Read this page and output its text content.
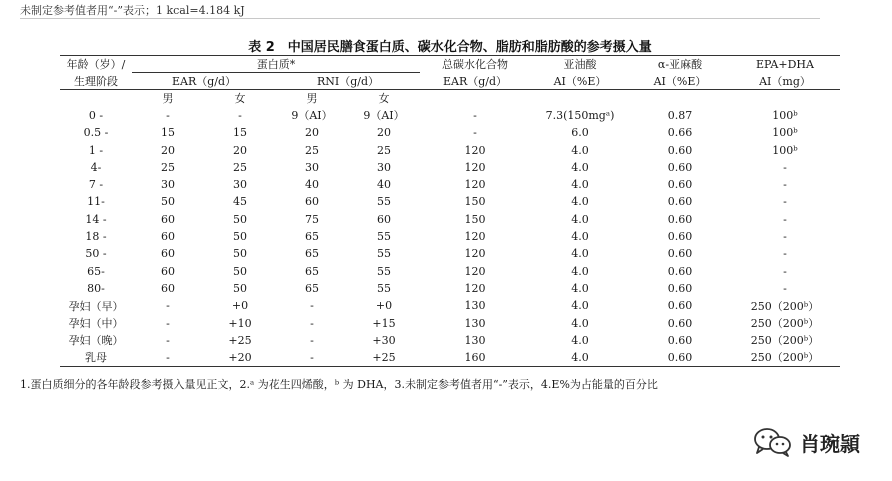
未制定参考值者用“-”表示；1 kcal=4.184 kJ
表 2　中国居民膳食蛋白质、碳水化合物、脂肪和脂肪酸的参考摄入量
年龄（岁）/	蛋白质*				总碳水化合物	亚油酸	α-亚麻酸	EPA+DHA
生理阶段	EAR（g/d）		RNI（g/d）		EAR（g/d）	AI（%E）	AI（%E）	AI（mg）
	男	女	男	女				
0 -	-	-	9（AI）	9（AI）	-	7.3(150mgᵃ)	0.87	100ᵇ
0.5 -	15	15	20	20	-	6.0	0.66	100ᵇ
1 -	20	20	25	25	120	4.0	0.60	100ᵇ
4-	25	25	30	30	120	4.0	0.60	-
7 -	30	30	40	40	120	4.0	0.60	-
11-	50	45	60	55	150	4.0	0.60	-
14 -	60	50	75	60	150	4.0	0.60	-
18 -	60	50	65	55	120	4.0	0.60	-
50 -	60	50	65	55	120	4.0	0.60	-
65-	60	50	65	55	120	4.0	0.60	-
80-	60	50	65	55	120	4.0	0.60	-
孕妇（早）	-	+0	-	+0	130	4.0	0.60	250（200ᵇ）
孕妇（中）	-	+10	-	+15	130	4.0	0.60	250（200ᵇ）
孕妇（晚）	-	+25	-	+30	130	4.0	0.60	250（200ᵇ）
乳母	-	+20	-	+25	160	4.0	0.60	250（200ᵇ）
1.蛋白质细分的各年龄段参考摄入量见正文，2.ᵃ 为花生四烯酸，ᵇ 为 DHA，3.未制定参考值者用“-”表示，4.E%为占能量的百分比
肖琬頴
